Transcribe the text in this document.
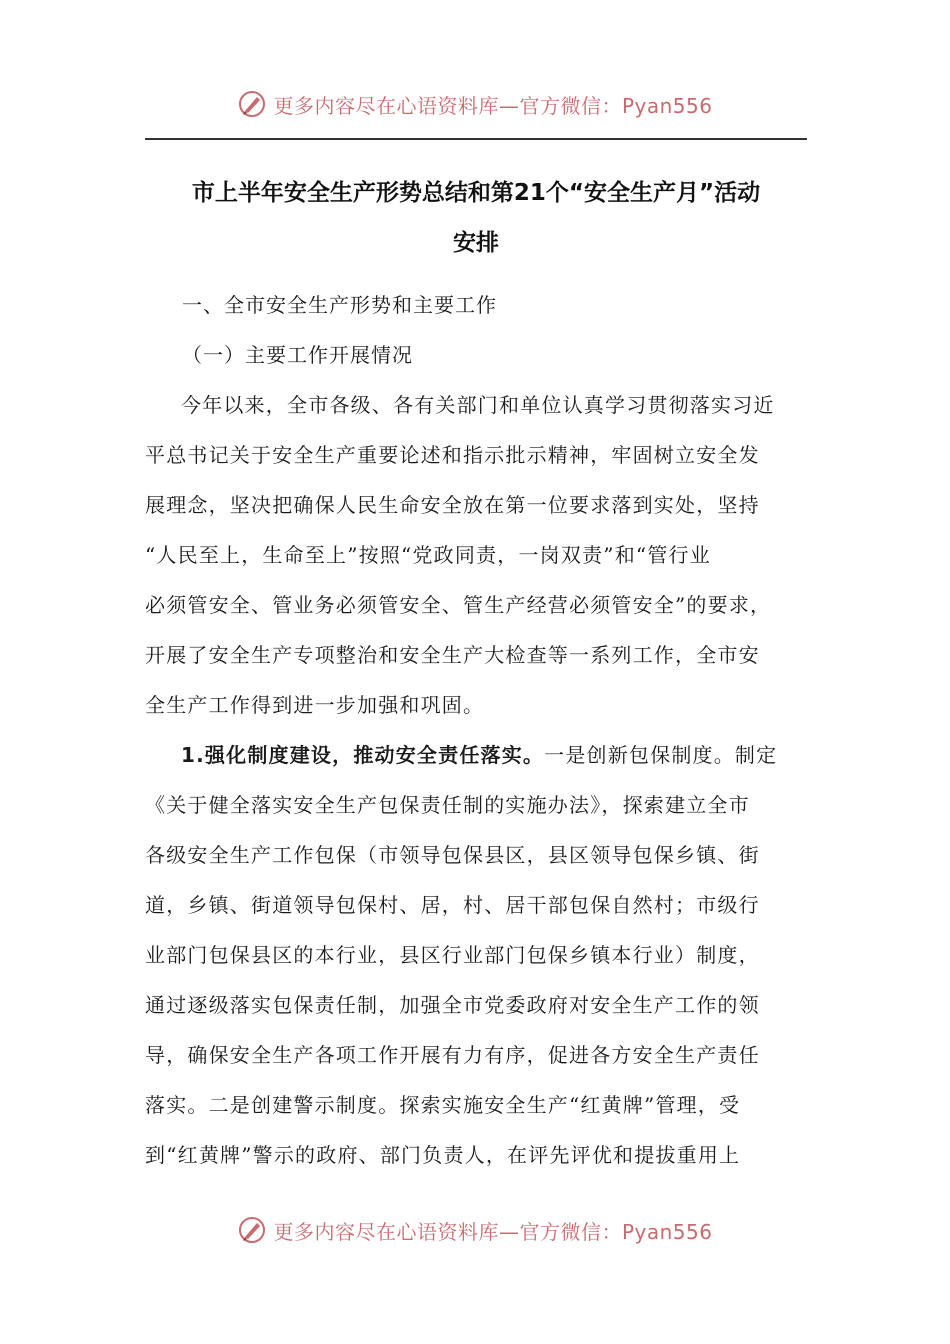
更多内容尽在心语资料库—官方微信：Pyan556
市上半年安全生产形势总结和第21个“安全生产月”活动
安排
一、全市安全生产形势和主要工作
（一）主要工作开展情况
今年以来，全市各级、各有关部门和单位认真学习贯彻落实习近
平总书记关于安全生产重要论述和指示批示精神，牢固树立安全发
展理念，坚决把确保人民生命安全放在第一位要求落到实处，坚持
“人民至上，生命至上”按照“党政同责，一岗双责”和“管行业
必须管安全、管业务必须管安全、管生产经营必须管安全”的要求，
开展了安全生产专项整治和安全生产大检查等一系列工作，全市安
全生产工作得到进一步加强和巩固。
1.强化制度建设，推动安全责任落实。一是创新包保制度。制定
《关于健全落实安全生产包保责任制的实施办法》，探索建立全市
各级安全生产工作包保（市领导包保县区，县区领导包保乡镇、街
道，乡镇、街道领导包保村、居，村、居干部包保自然村；市级行
业部门包保县区的本行业，县区行业部门包保乡镇本行业）制度，
通过逐级落实包保责任制，加强全市党委政府对安全生产工作的领
导，确保安全生产各项工作开展有力有序，促进各方安全生产责任
落实。二是创建警示制度。探索实施安全生产“红黄牌”管理，受
到“红黄牌”警示的政府、部门负责人，在评先评优和提拔重用上
更多内容尽在心语资料库—官方微信：Pyan556
